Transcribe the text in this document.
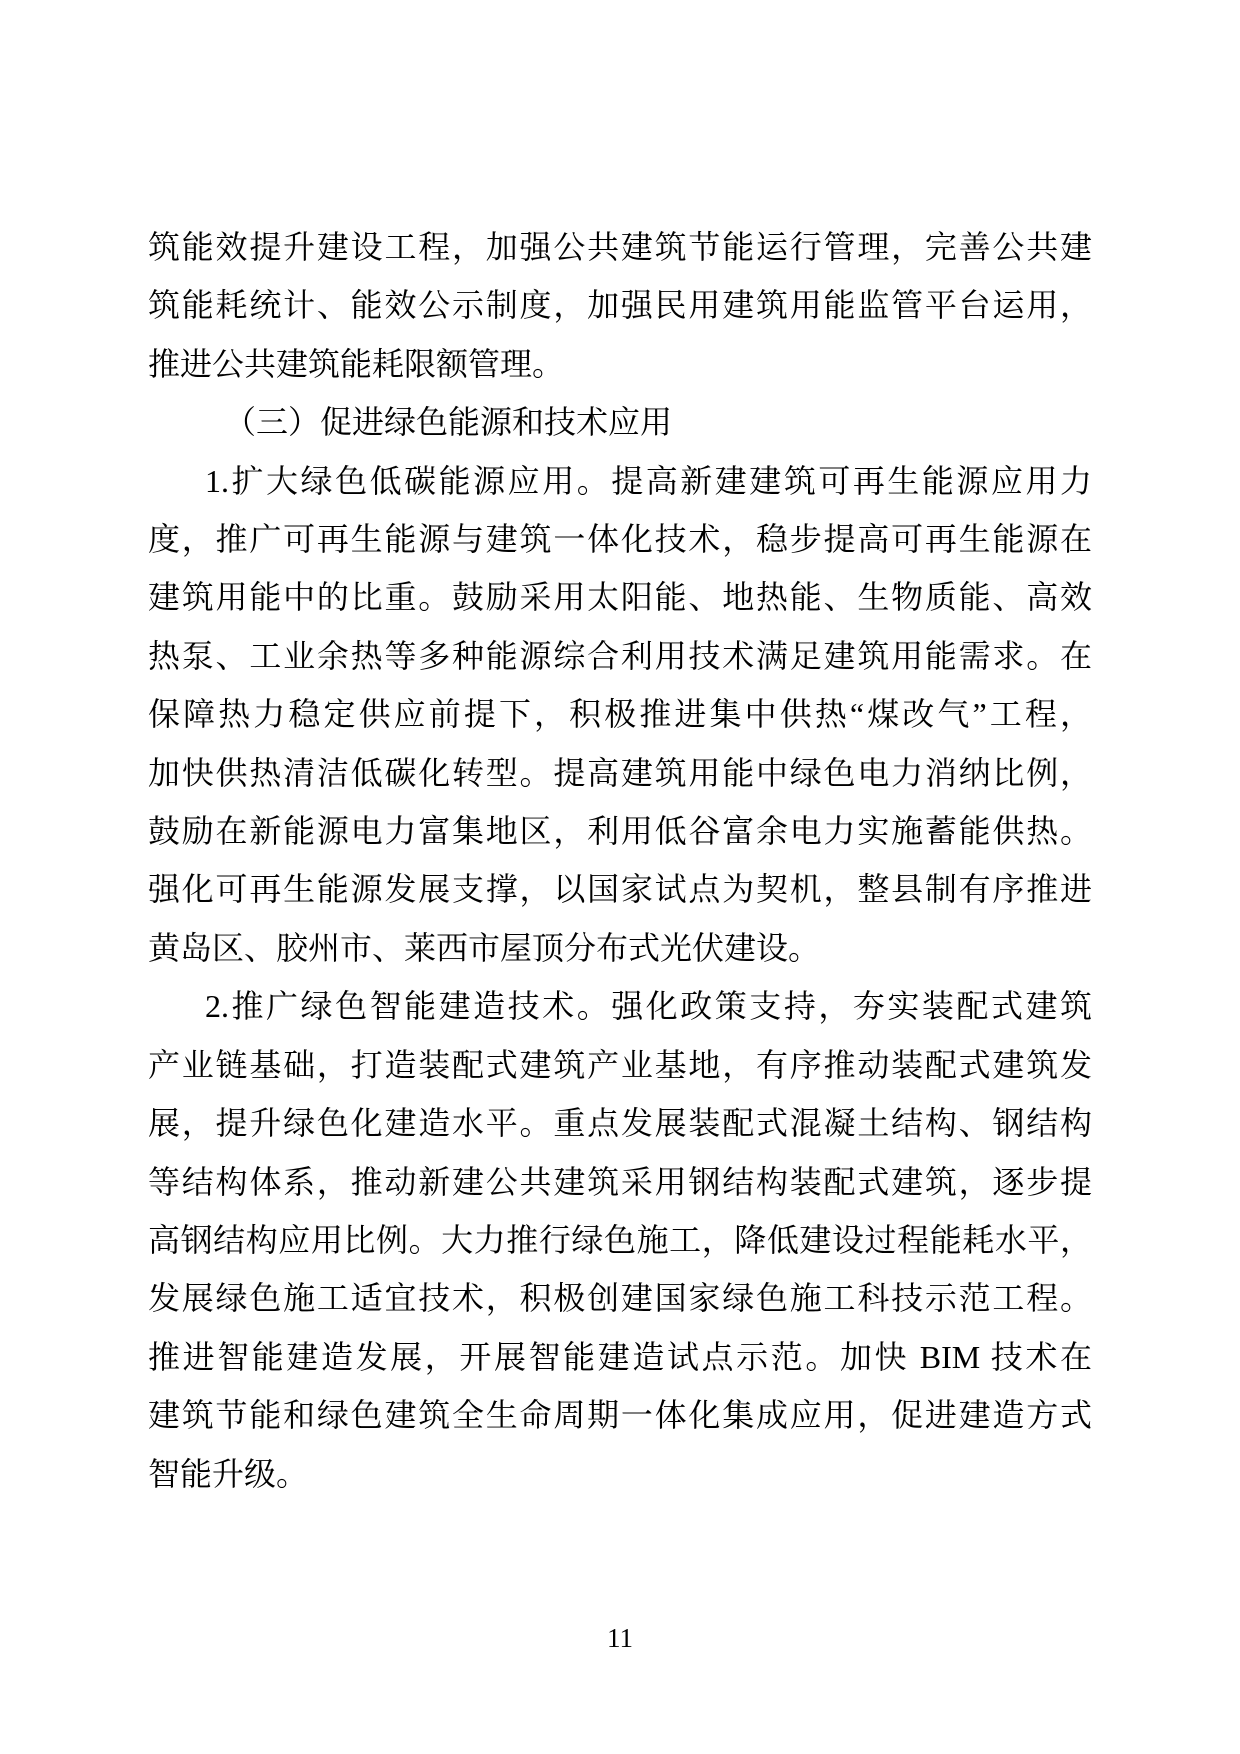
筑能效提升建设工程，加强公共建筑节能运行管理，完善公共建

筑能耗统计、能效公示制度，加强民用建筑用能监管平台运用，

推进公共建筑能耗限额管理。

（三）促进绿色能源和技术应用

1.扩大绿色低碳能源应用。提高新建建筑可再生能源应用力

度，推广可再生能源与建筑一体化技术，稳步提高可再生能源在

建筑用能中的比重。鼓励采用太阳能、地热能、生物质能、高效

热泵、工业余热等多种能源综合利用技术满足建筑用能需求。在

保障热力稳定供应前提下，积极推进集中供热“煤改气”工程，

加快供热清洁低碳化转型。提高建筑用能中绿色电力消纳比例，

鼓励在新能源电力富集地区，利用低谷富余电力实施蓄能供热。

强化可再生能源发展支撑，以国家试点为契机，整县制有序推进

黄岛区、胶州市、莱西市屋顶分布式光伏建设。

2.推广绿色智能建造技术。强化政策支持，夯实装配式建筑

产业链基础，打造装配式建筑产业基地，有序推动装配式建筑发

展，提升绿色化建造水平。重点发展装配式混凝土结构、钢结构

等结构体系，推动新建公共建筑采用钢结构装配式建筑，逐步提

高钢结构应用比例。大力推行绿色施工，降低建设过程能耗水平，

发展绿色施工适宜技术，积极创建国家绿色施工科技示范工程。

推进智能建造发展，开展智能建造试点示范。加快 BIM 技术在

建筑节能和绿色建筑全生命周期一体化集成应用，促进建造方式

智能升级。

11
